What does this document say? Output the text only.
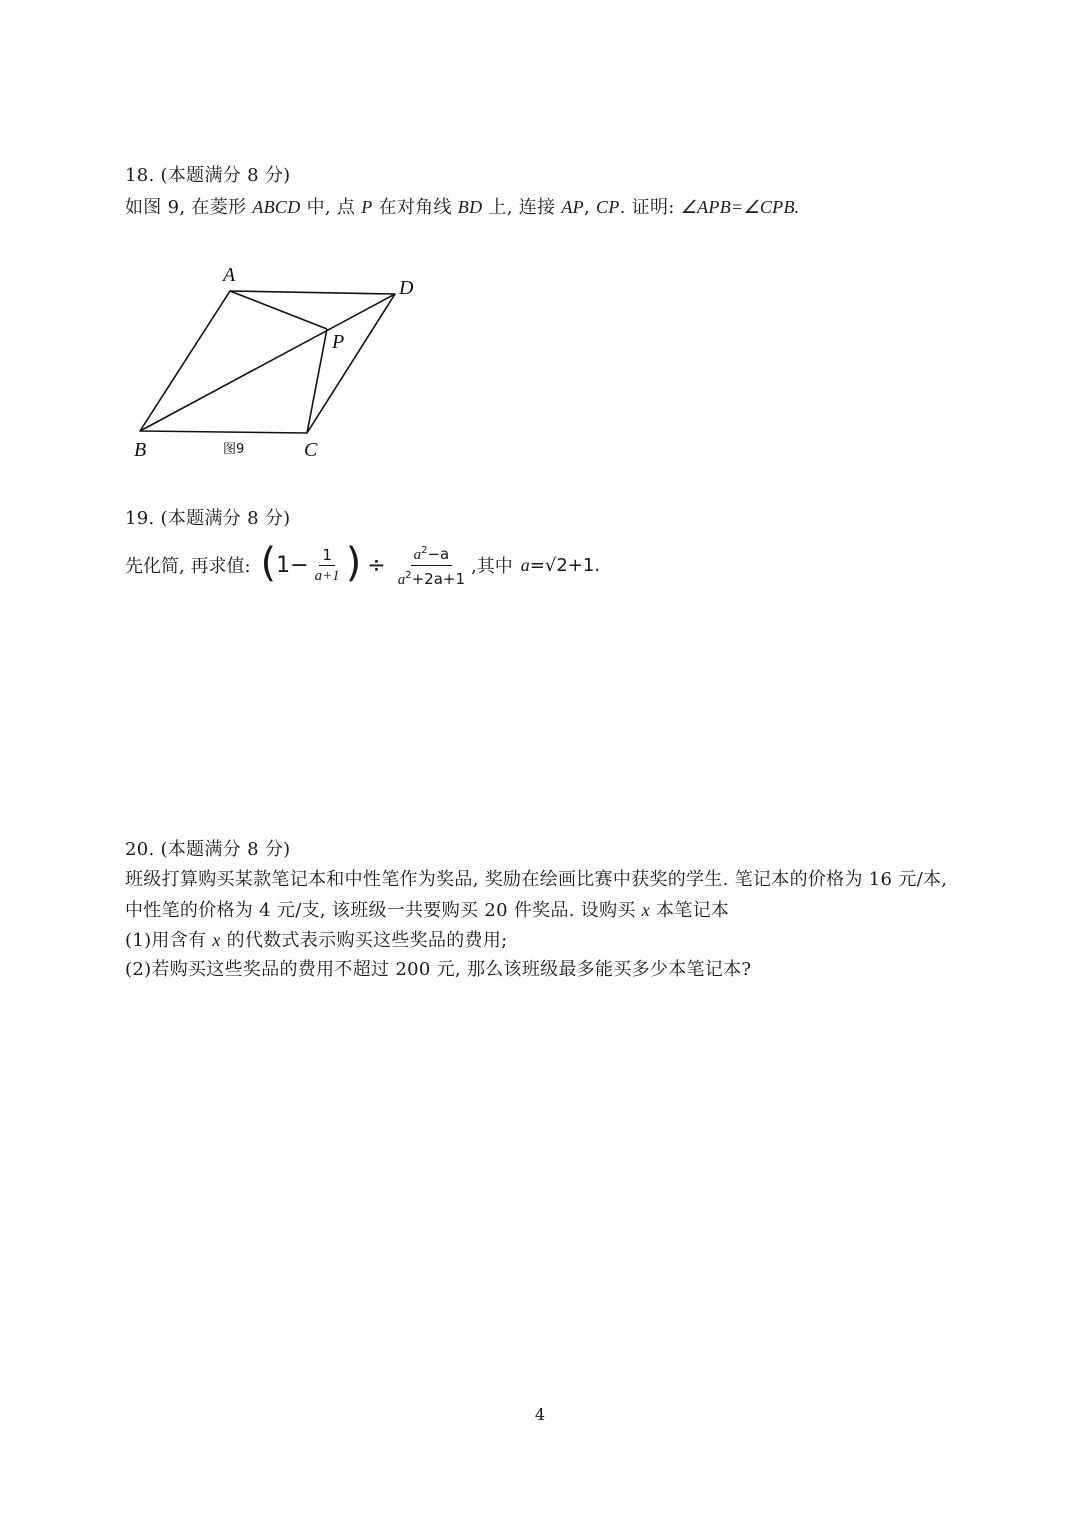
18. (本题满分 8 分)
如图 9, 在菱形 ABCD 中, 点 P 在对角线 BD 上, 连接 AP, CP. 证明: ∠APB=∠CPB.
A
D
P
B	C
图9
19. (本题满分 8 分)
先化简, 再求值: ( $1- \frac{1}{a+1}$ ) ÷ $\frac{a^2-a}{a^2+2a+1}$ ,其中 a =√2+1.
20. (本题满分 8 分)
班级打算购买某款笔记本和中性笔作为奖品, 奖励在绘画比赛中获奖的学生. 笔记本的价格为 16 元/本,
中性笔的价格为 4 元/支, 该班级一共要购买 20 件奖品. 设购买 x 本笔记本
(1)用含有 x 的代数式表示购买这些奖品的费用;
(2)若购买这些奖品的费用不超过 200 元, 那么该班级最多能买多少本笔记本?
4
